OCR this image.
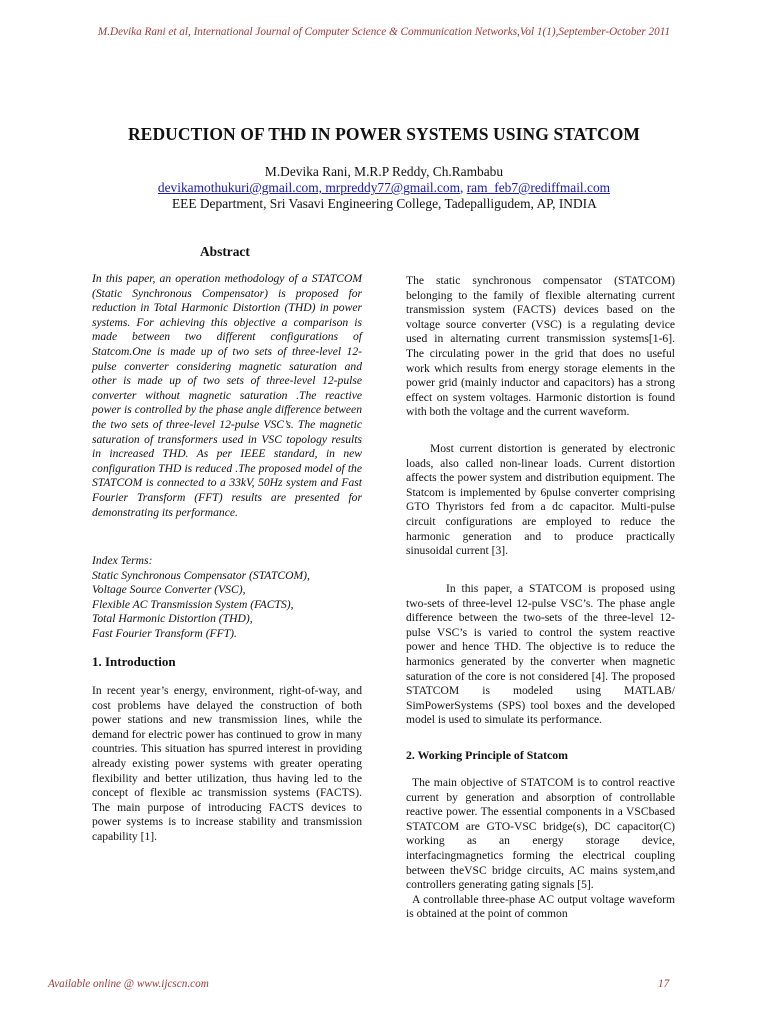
M.Devika Rani et al, International Journal of Computer Science & Communication Networks,Vol 1(1),September-October 2011
REDUCTION OF THD IN POWER SYSTEMS USING STATCOM
M.Devika Rani, M.R.P Reddy, Ch.Rambabu
devikamothukuri@gmail.com, mrpreddy77@gmail.com, ram_feb7@rediffmail.com
EEE Department, Sri Vasavi Engineering College, Tadepalligudem, AP, INDIA
Abstract

In this paper, an operation methodology of a STATCOM (Static Synchronous Compensator) is proposed for reduction in Total Harmonic Distortion (THD) in power systems. For achieving this objective a comparison is made between two different configurations of Statcom.One is made up of two sets of three-level 12-pulse converter considering magnetic saturation and other is made up of two sets of three-level 12-pulse converter without magnetic saturation .The reactive power is controlled by the phase angle difference between the two sets of three-level 12-pulse VSC’s. The magnetic saturation of transformers used in VSC topology results in increased THD. As per IEEE standard, in new configuration THD is reduced .The proposed model of the STATCOM is connected to a 33kV, 50Hz system and Fast Fourier Transform (FFT) results are presented for demonstrating its performance.

Index Terms:
Static Synchronous Compensator (STATCOM),
Voltage Source Converter (VSC),
Flexible AC Transmission System (FACTS),
Total Harmonic Distortion (THD),
Fast Fourier Transform (FFT).
1. Introduction

In recent year’s energy, environment, right-of-way, and cost problems have delayed the construction of both power stations and new transmission lines, while the demand for electric power has continued to grow in many countries. This situation has spurred interest in providing already existing power systems with greater operating flexibility and better utilization, thus having led to the concept of flexible ac transmission systems (FACTS). The main purpose of introducing FACTS devices to power systems is to increase stability and transmission capability [1].

The static synchronous compensator (STATCOM) belonging to the family of flexible alternating current transmission system (FACTS) devices based on the voltage source converter (VSC) is a regulating device used in alternating current transmission systems[1-6]. The circulating power in the grid that does no useful work which results from energy storage elements in the power grid (mainly inductor and capacitors) has a strong effect on system voltages. Harmonic distortion is found with both the voltage and the current waveform.

Most current distortion is generated by electronic loads, also called non-linear loads. Current distortion affects the power system and distribution equipment. The Statcom is implemented by 6pulse converter comprising GTO Thyristors fed from a dc capacitor. Multi-pulse circuit configurations are employed to reduce the harmonic generation and to produce practically sinusoidal current [3].

In this paper, a STATCOM is proposed using two-sets of three-level 12-pulse VSC’s. The phase angle difference between the two-sets of the three-level 12-pulse VSC’s is varied to control the system reactive power and hence THD. The objective is to reduce the harmonics generated by the converter when magnetic saturation of the core is not considered [4]. The proposed STATCOM is modeled using MATLAB/ SimPowerSystems (SPS) tool boxes and the developed model is used to simulate its performance.

2. Working Principle of Statcom

The main objective of STATCOM is to control reactive current by generation and absorption of controllable reactive power. The essential components in a VSCbased STATCOM are GTO-VSC bridge(s), DC capacitor(C) working as an energy storage device, interfacingmagnetics forming the electrical coupling between theVSC bridge circuits, AC mains system,and controllers generating gating signals [5].

A controllable three-phase AC output voltage waveform is obtained at the point of common

Available online @ www.ijcscn.com	17
